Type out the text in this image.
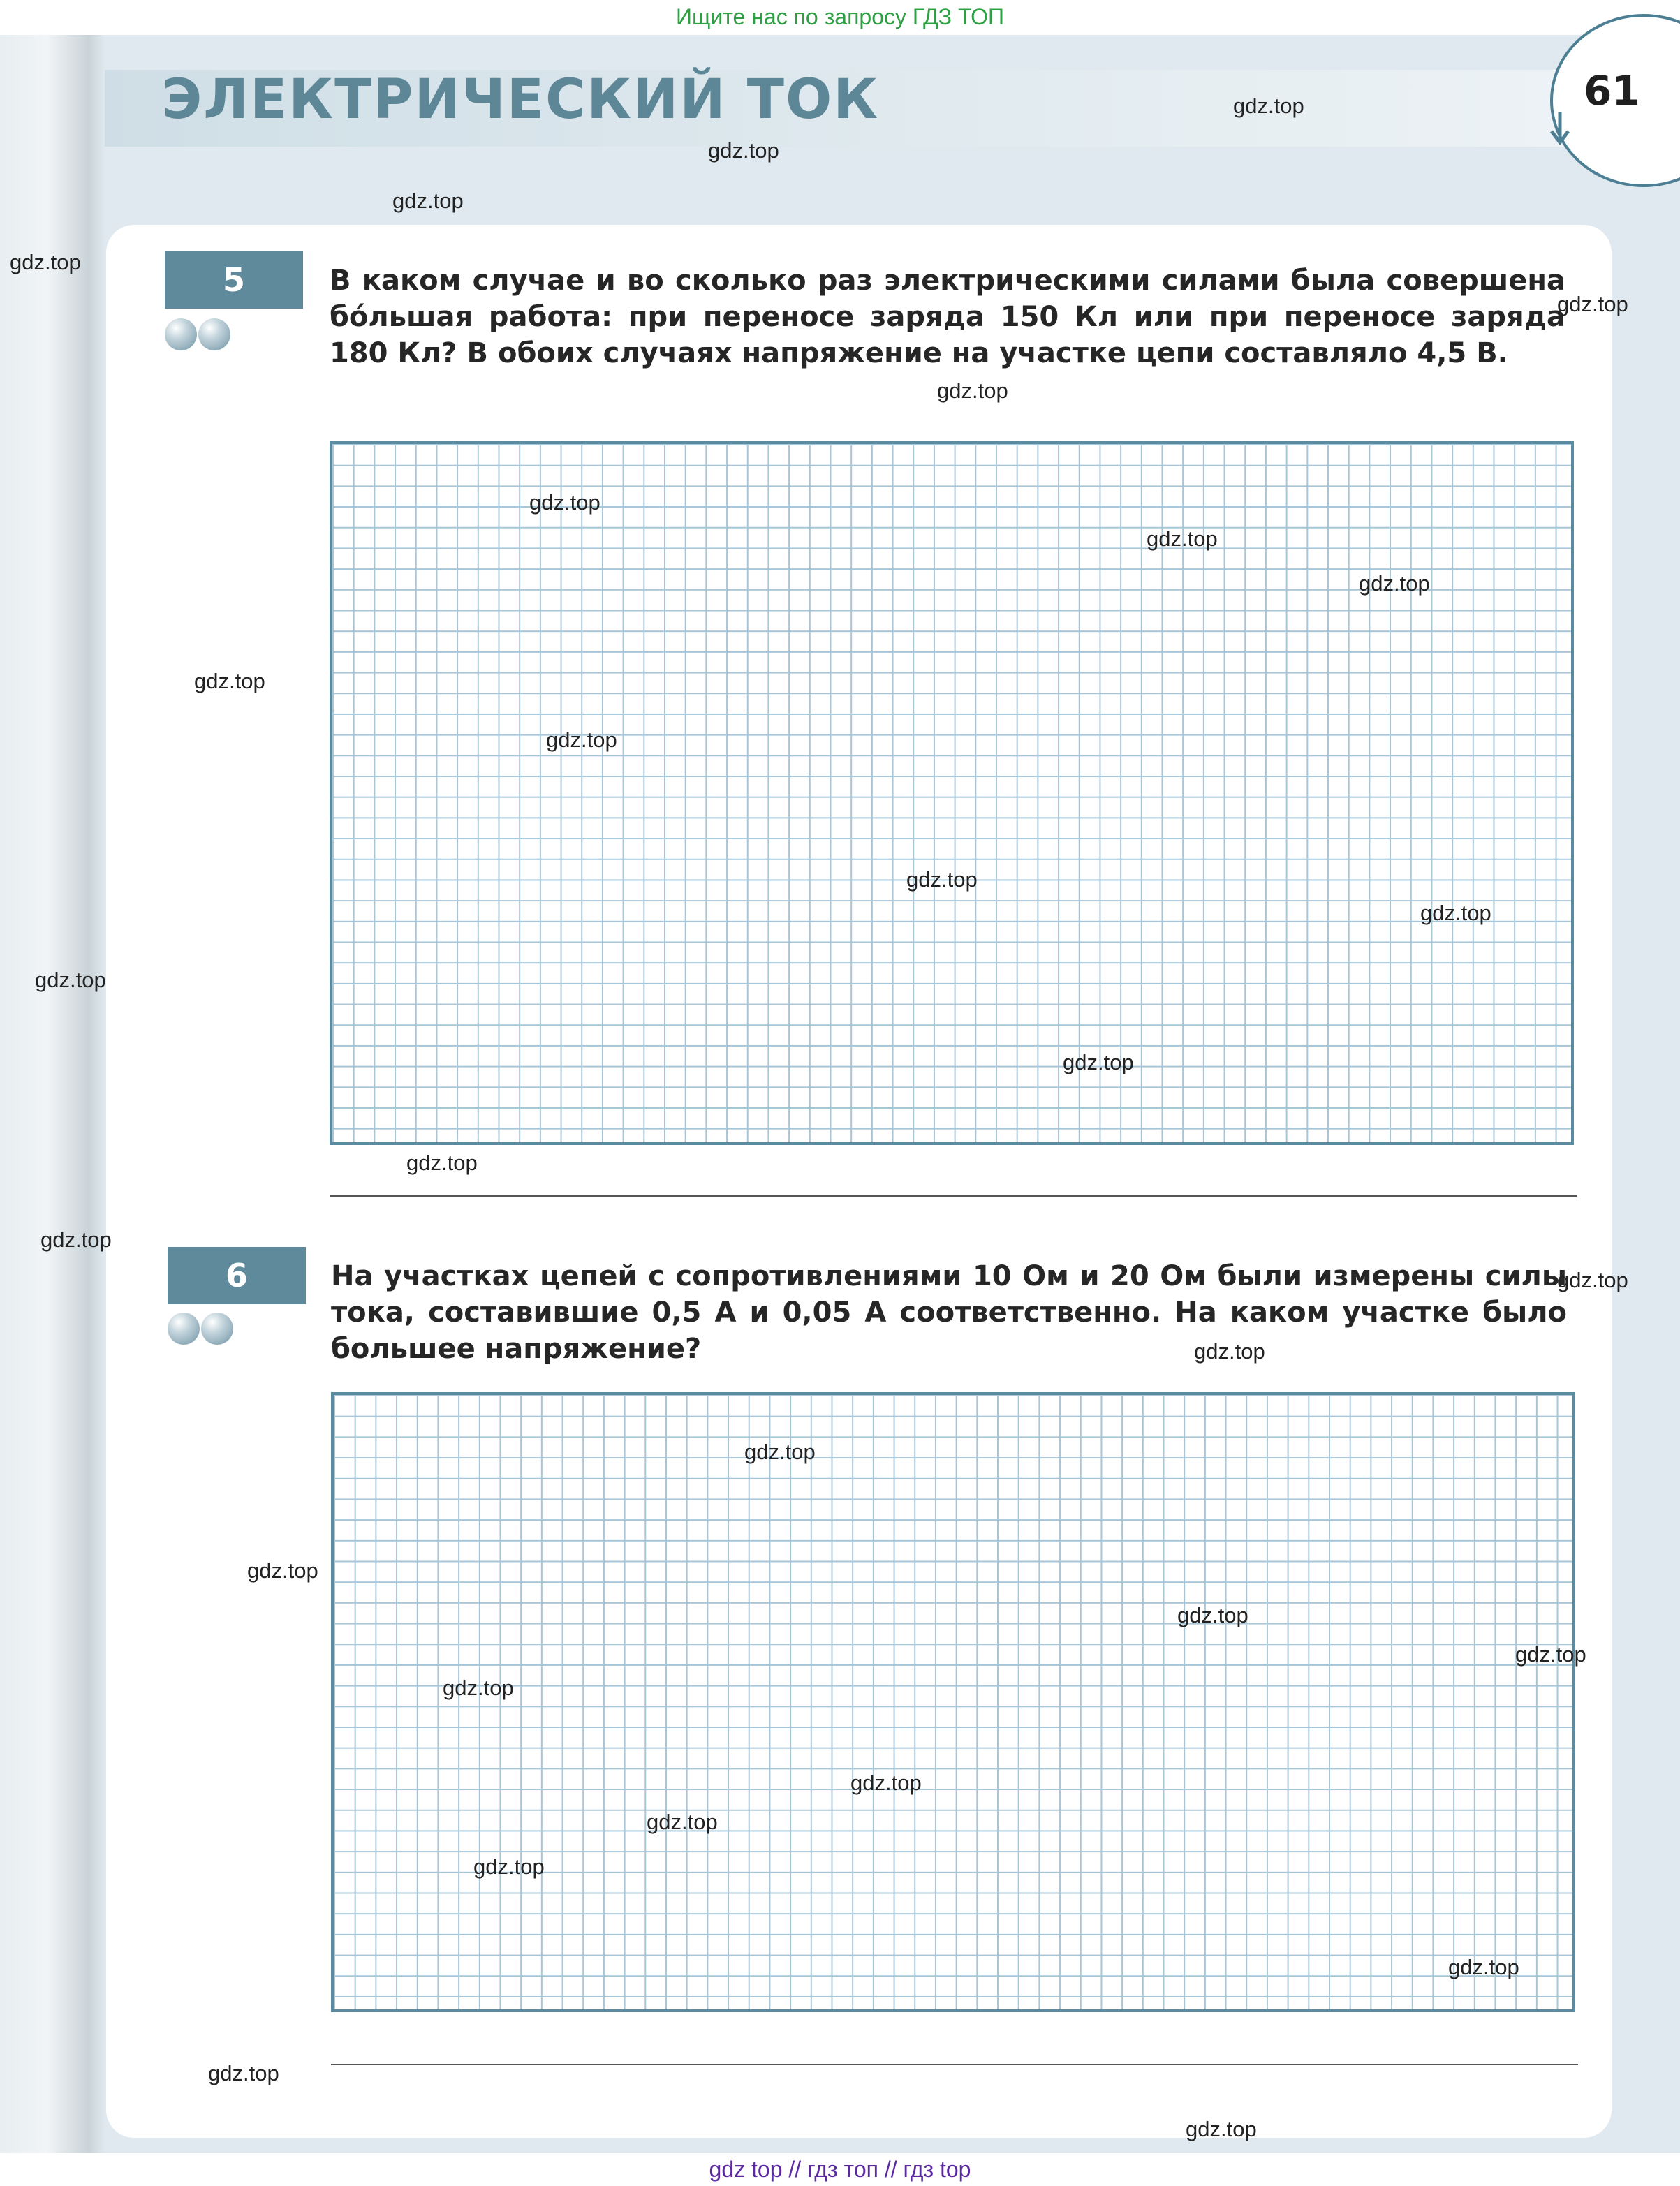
Ищите нас по запросу ГДЗ ТОП
ЭЛЕКТРИЧЕСКИЙ ТОК	61
5	В каком случае и во сколько раз электрическими силами была совершена бо́льшая работа: при переносе заряда 150 Кл или при переносе заряда 180 Кл? В обоих случаях напряжение на участке цепи составляло 4,5 В.
6	На участках цепей с сопротивлениями 10 Ом и 20 Ом были измерены силы тока, составившие 0,5 А и 0,05 А соответственно. На каком участке было большее напряжение?
gdz.top
gdz.top
gdz.top
gdz.top
gdz.top
gdz.top
gdz.top
gdz.top
gdz.top
gdz.top
gdz.top
gdz.top
gdz.top
gdz.top
gdz.top
gdz.top
gdz.top
gdz.top
gdz.top
gdz.top
gdz.top
gdz.top
gdz.top
gdz.top
gdz.top
gdz.top
gdz.top
gdz.top
gdz.top
gdz.top
gdz top // гдз топ // гдз top
